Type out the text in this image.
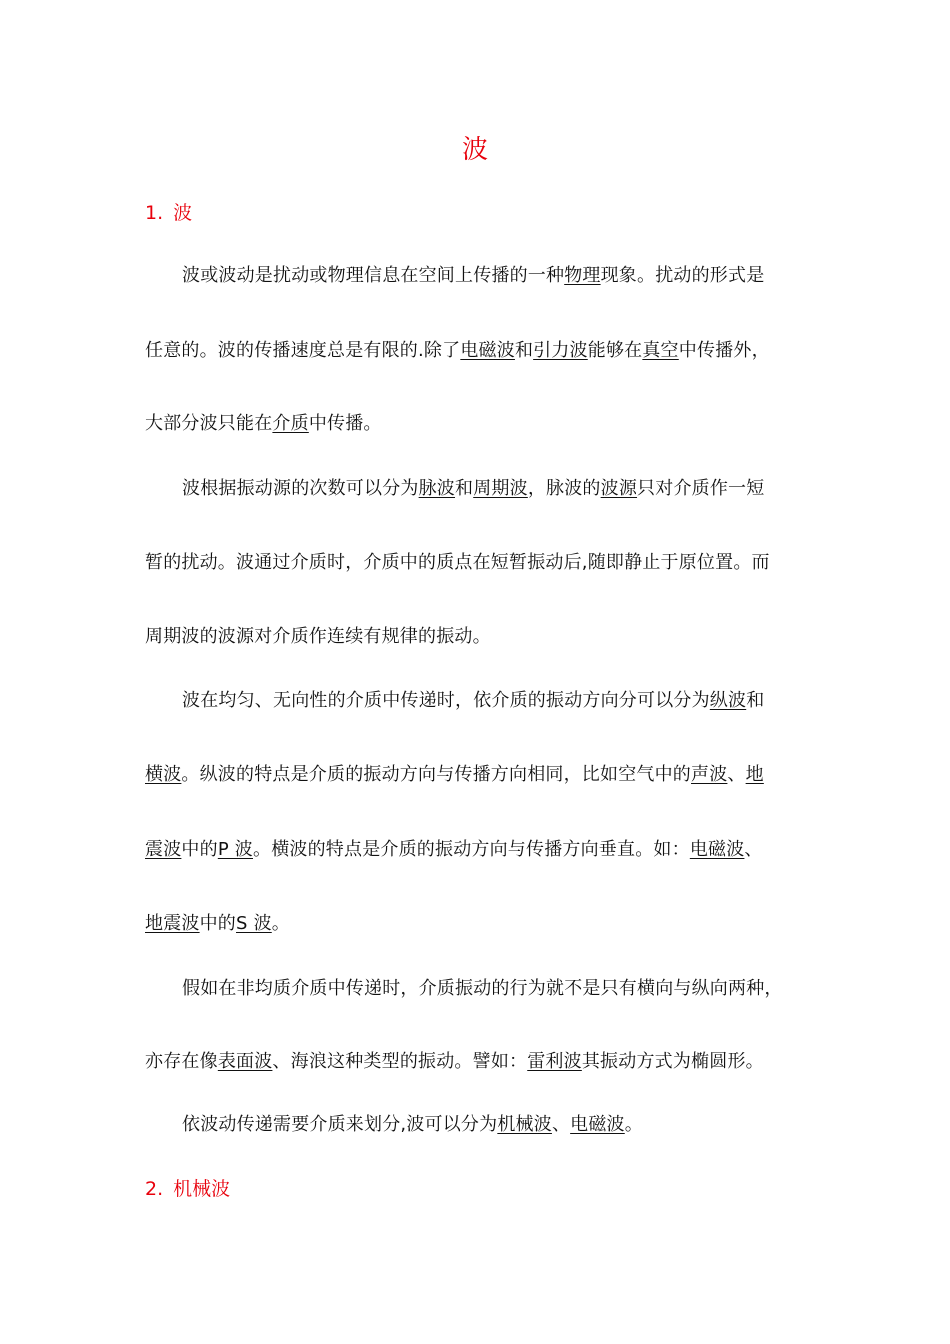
波
1. 波
波或波动是扰动或物理信息在空间上传播的一种物理现象。扰动的形式是
任意的。波的传播速度总是有限的.除了电磁波和引力波能够在真空中传播外，
大部分波只能在介质中传播。
波根据振动源的次数可以分为脉波和周期波，脉波的波源只对介质作一短
暂的扰动。波通过介质时，介质中的质点在短暂振动后,随即静止于原位置。而
周期波的波源对介质作连续有规律的振动。
波在均匀、无向性的介质中传递时，依介质的振动方向分可以分为纵波和
横波。纵波的特点是介质的振动方向与传播方向相同，比如空气中的声波、地
震波中的P 波。横波的特点是介质的振动方向与传播方向垂直。如：电磁波、
地震波中的S 波。
假如在非均质介质中传递时，介质振动的行为就不是只有横向与纵向两种，
亦存在像表面波、海浪这种类型的振动。譬如：雷利波其振动方式为椭圆形。
依波动传递需要介质来划分,波可以分为机械波、电磁波。
2. 机械波
